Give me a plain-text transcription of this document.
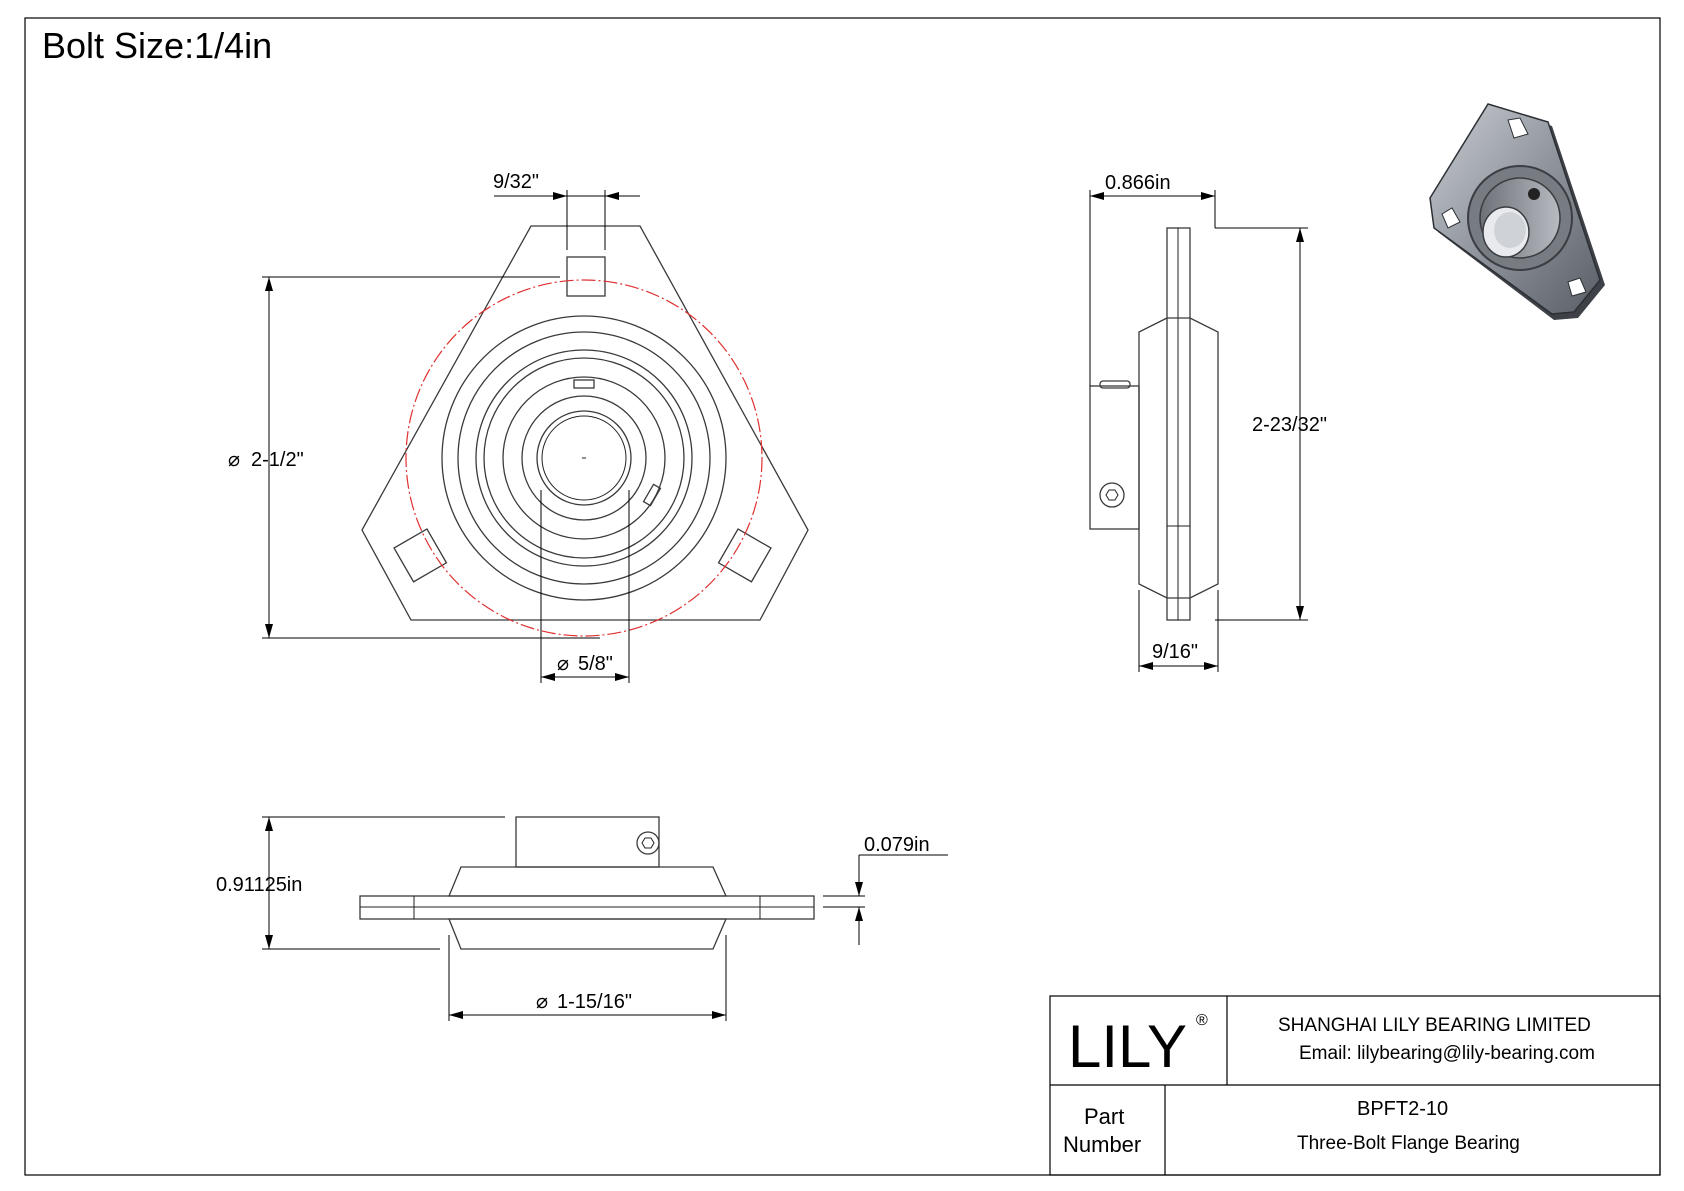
Bolt Size:1/4in
9/32"
⌀ 2-1/2"
⌀ 5/8"
0.866in
2-23/32"
9/16"
0.91125in
0.079in
⌀ 1-15/16"
LILY ®	SHANGHAI LILY BEARING LIMITED
Email: lilybearing@lily-bearing.com
Part
Number
BPFT2-10
Three-Bolt Flange Bearing
